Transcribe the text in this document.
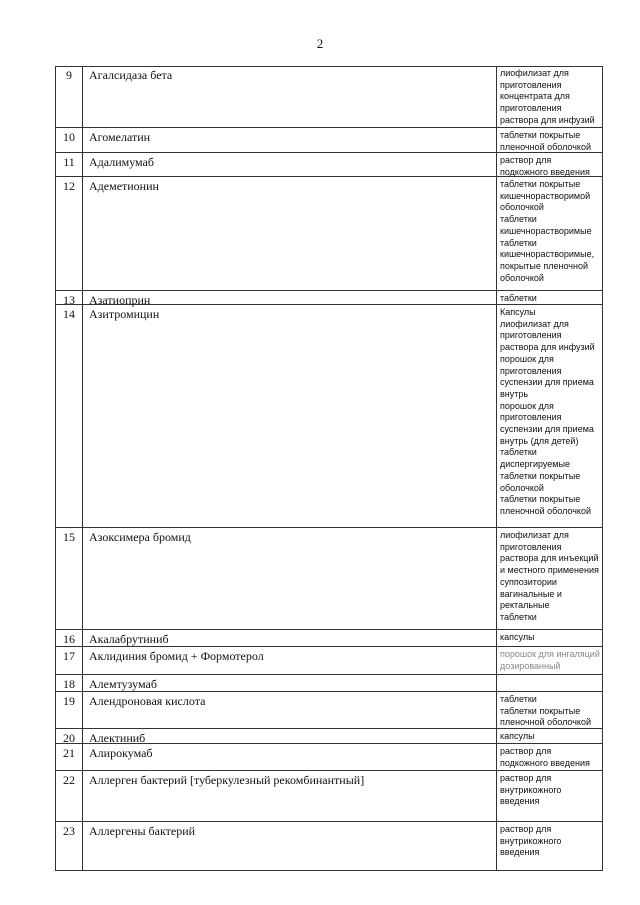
2
9	Агалсидаза бета	лиофилизат для
приготовления
концентрата для
приготовления
раствора для инфузий
10	Агомелатин	таблетки покрытые
пленочной оболочкой
11	Адалимумаб	раствор для
подкожного введения
12	Адеметионин	таблетки покрытые
кишечнорастворимой
оболочкой
таблетки
кишечнорастворимые
таблетки
кишечнорастворимые,
покрытые пленочной
оболочкой
13	Азатиоприн	таблетки
14	Азитромицин	Капсулы
лиофилизат для
приготовления
раствора для инфузий
порошок для
приготовления
суспензии для приема
внутрь
порошок для
приготовления
суспензии для приема
внутрь (для детей)
таблетки
диспергируемые
таблетки покрытые
оболочкой
таблетки покрытые
пленочной оболочкой
15	Азоксимера бромид	лиофилизат для
приготовления
раствора для инъекций
и местного применения
суппозитории
вагинальные и
ректальные
таблетки
16	Акалабрутиниб	капсулы
17	Аклидиния бромид + Формотерол	порошок для ингаляций
дозированный
18	Алемтузумаб
19	Алендроновая кислота	таблетки
таблетки покрытые
пленочной оболочкой
20	Алектиниб	капсулы
21	Алирокумаб	раствор для
подкожного введения
22	Аллерген бактерий [туберкулезный рекомбинантный]	раствор для
внутрикожного
введения
23	Аллергены бактерий	раствор для
внутрикожного
введения
